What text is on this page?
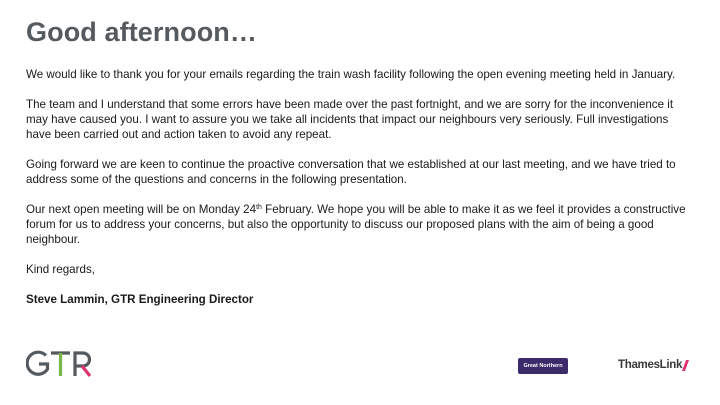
Good afternoon…

We would like to thank you for your emails regarding the train wash facility following the open evening meeting held in January.

The team and I understand that some errors have been made over the past fortnight, and we are sorry for the inconvenience it may have caused you. I want to assure you we take all incidents that impact our neighbours very seriously. Full investigations have been carried out and action taken to avoid any repeat.

Going forward we are keen to continue the proactive conversation that we established at our last meeting, and we have tried to address some of the questions and concerns in the following presentation.

Our next open meeting will be on Monday 24th February. We hope you will be able to make it as we feel it provides a constructive forum for us to address your concerns, but also the opportunity to discuss our proposed plans with the aim of being a good neighbour.

Kind regards,

Steve Lammin, GTR Engineering Director

Great Northern	ThamesLink
